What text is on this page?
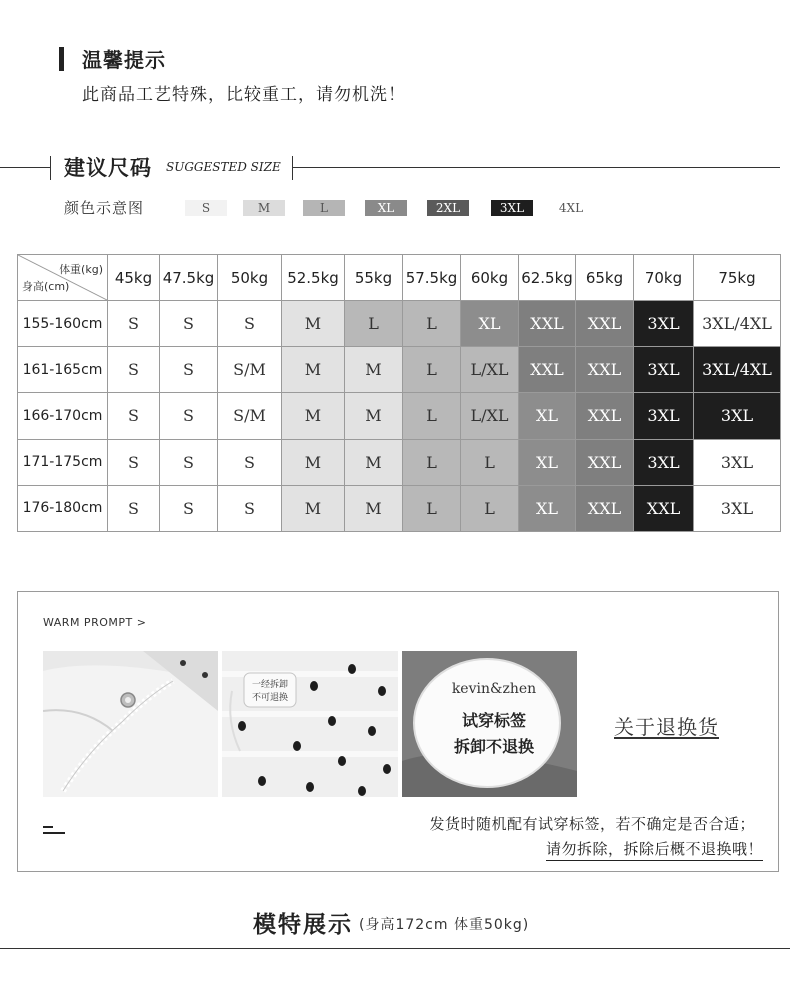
温馨提示
此商品工艺特殊，比较重工，请勿机洗！
建议尺码 SUGGESTED SIZE
颜色示意图	S	M	L	XL	2XL	3XL	4XL
体重(kg)
身高(cm)	45kg	47.5kg	50kg	52.5kg	55kg	57.5kg	60kg	62.5kg	65kg	70kg	75kg
155-160cm	S	S	S	M	L	L	XL	XXL	XXL	3XL	3XL/4XL
161-165cm	S	S	S/M	M	M	L	L/XL	XXL	XXL	3XL	3XL/4XL
166-170cm	S	S	S/M	M	M	L	L/XL	XL	XXL	3XL	3XL
171-175cm	S	S	S	M	M	L	L	XL	XXL	3XL	3XL
176-180cm	S	S	S	M	M	L	L	XL	XXL	XXL	3XL
WARM PROMPT >
一经拆卸
不可退换
kevin&zhen
试穿标签
拆卸不退换
关于退换货
发货时随机配有试穿标签，若不确定是否合适；
请勿拆除，拆除后概不退换哦！
模特展示 (身高172cm 体重50kg)
